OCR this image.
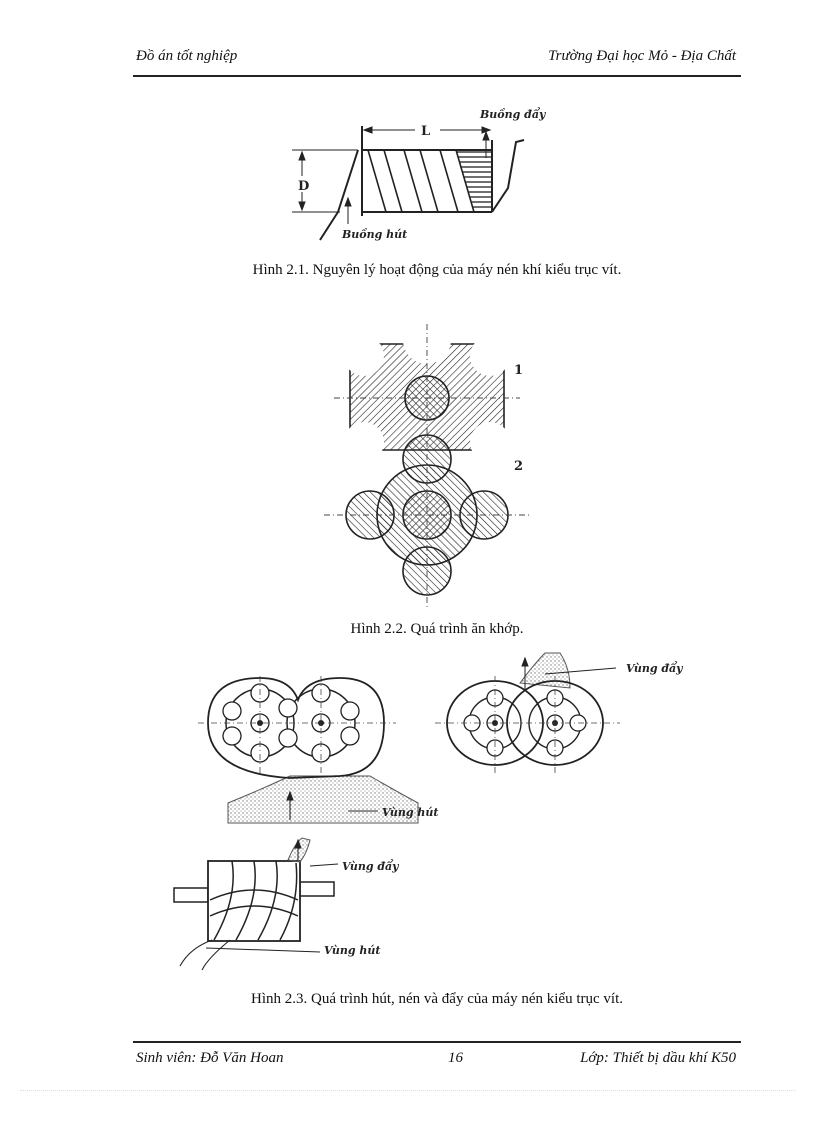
Đồ án tốt nghiệp	Trường Đại học Mỏ - Địa Chất
L
D
Buồng đẩy
Buồng hút
Hình 2.1. Nguyên lý hoạt động của máy nén khí kiểu trục vít.
1
2
Hình 2.2. Quá trình ăn khớp.
Vùng hút
Vùng đẩy
Vùng đẩy
Vùng hút
Hình 2.3. Quá trình hút, nén và đẩy của máy nén kiểu trục vít.
Sinh viên: Đỗ Văn Hoan	16	Lớp: Thiết bị dầu khí K50
